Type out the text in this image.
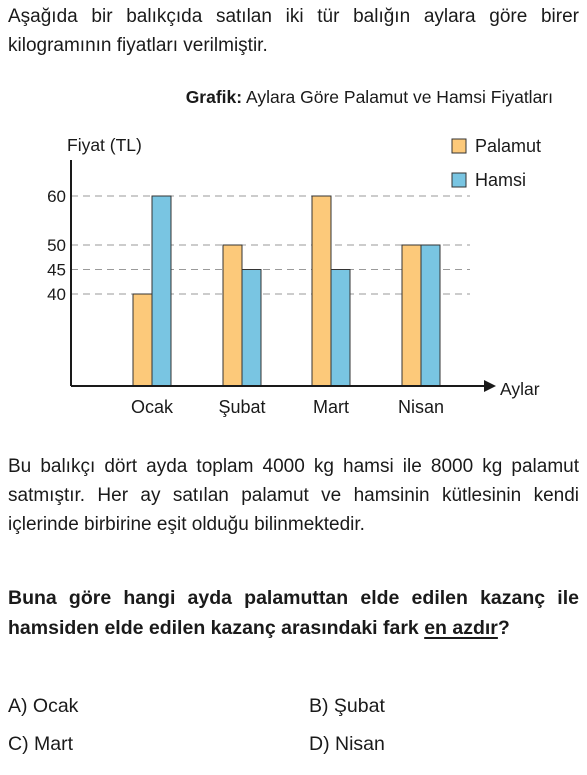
Aşağıda bir balıkçıda satılan iki tür balığın aylara göre birer kilogramının fiyatları verilmiştir.
Grafik: Aylara Göre Palamut ve Hamsi Fiyatları
40
45
50
60
Fiyat (TL)
Aylar
Ocak	Şubat	Mart	Nisan
Palamut
Hamsi
Bu balıkçı dört ayda toplam 4000 kg hamsi ile 8000 kg palamut satmıştır. Her ay satılan palamut ve hamsinin kütlesinin kendi içlerinde birbirine eşit olduğu bilinmektedir.
Buna göre hangi ayda palamuttan elde edilen kazanç ile hamsiden elde edilen kazanç arasındaki fark en azdır?
A) Ocak	B) Şubat
C) Mart	D) Nisan
